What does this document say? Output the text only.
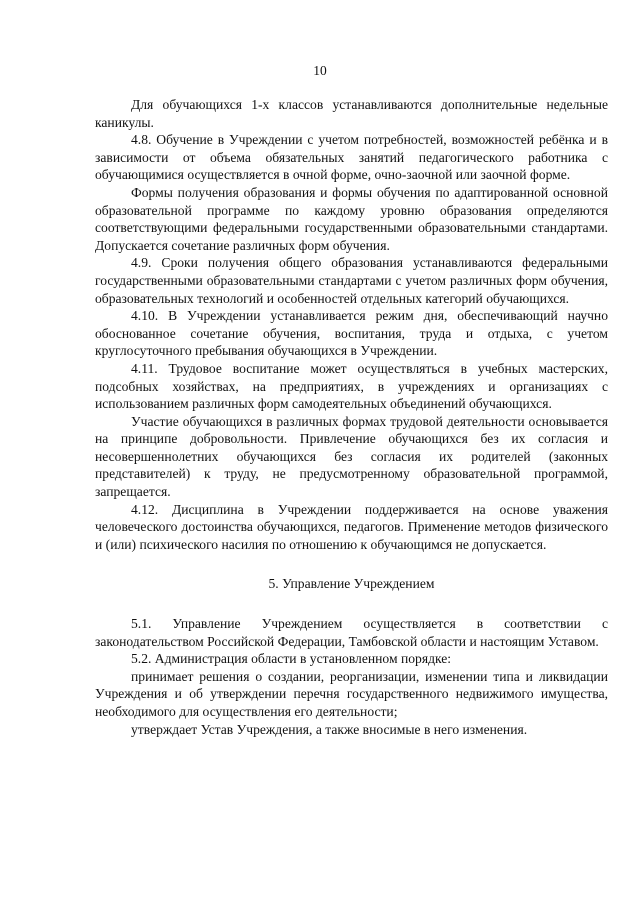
10

Для обучающихся 1-х классов устанавливаются дополнительные недельные каникулы.

4.8. Обучение в Учреждении с учетом потребностей, возможностей ребёнка и в зависимости от объема обязательных занятий педагогического работника с обучающимися осуществляется в очной форме, очно-заочной или заочной форме.

Формы получения образования и формы обучения по адаптированной основной образовательной программе по каждому уровню образования определяются соответствующими федеральными государственными образовательными стандартами. Допускается сочетание различных форм обучения.

4.9. Сроки получения общего образования устанавливаются федеральными государственными образовательными стандартами с учетом различных форм обучения, образовательных технологий и особенностей отдельных категорий обучающихся.

4.10. В Учреждении устанавливается режим дня, обеспечивающий научно обоснованное сочетание обучения, воспитания, труда и отдыха, с учетом круглосуточного пребывания обучающихся в Учреждении.

4.11. Трудовое воспитание может осуществляться в учебных мастерских, подсобных хозяйствах, на предприятиях, в учреждениях и организациях с использованием различных форм самодеятельных объединений обучающихся.

Участие обучающихся в различных формах трудовой деятельности основывается на принципе добровольности. Привлечение обучающихся без их согласия и несовершеннолетних обучающихся без согласия их родителей (законных представителей) к труду, не предусмотренному образовательной программой, запрещается.

4.12. Дисциплина в Учреждении поддерживается на основе уважения человеческого достоинства обучающихся, педагогов. Применение методов физического и (или) психического насилия по отношению к обучающимся не допускается.

5. Управление Учреждением

5.1. Управление Учреждением осуществляется в соответствии с законодательством Российской Федерации, Тамбовской области и настоящим Уставом.

5.2. Администрация области в установленном порядке:

принимает решения о создании, реорганизации, изменении типа и ликвидации Учреждения и об утверждении перечня государственного недвижимого имущества, необходимого для осуществления его деятельности;

утверждает Устав Учреждения, а также вносимые в него изменения.
